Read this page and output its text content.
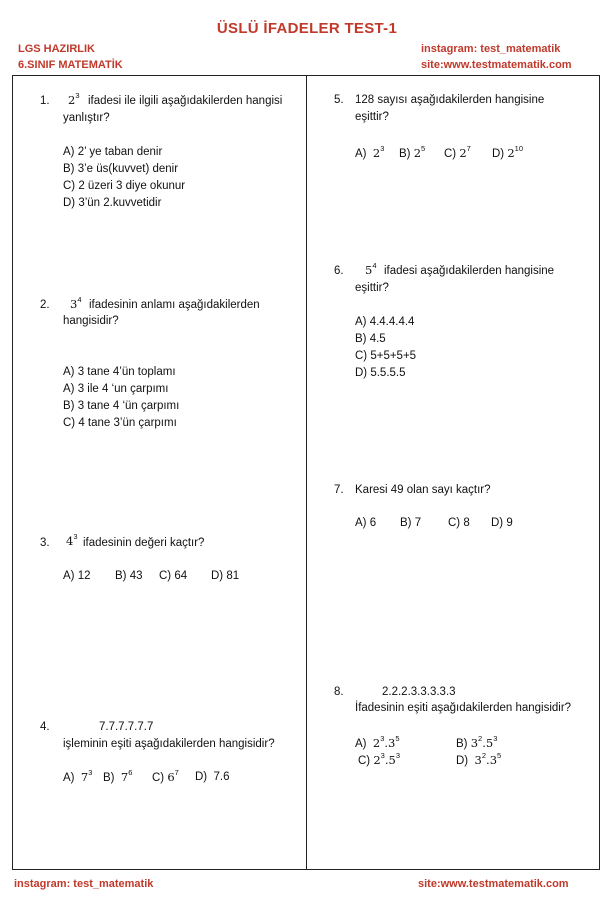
ÜSLÜ İFADELER TEST-1
LGS HAZIRLIK
6.SINIF MATEMATİK
instagram: test_matematik
site:www.testmatematik.com
1. $2^3$ ifadesi ile ilgili aşağıdakilerden hangisi
yanlıştır?
A) 2’ ye taban denir
B) 3’e üs(kuvvet) denir
C) 2 üzeri 3 diye okunur
D) 3’ün 2.kuvvetidir
2. $3^4$ ifadesinin anlamı aşağıdakilerden
hangisidir?
A) 3 tane 4’ün toplamı
A) 3 ile 4 ‘un çarpımı
B) 3 tane 4 ‘ün çarpımı
C) 4 tane 3’ün çarpımı
3. $4^3$
ifadesinin değeri kaçtır?
A) 12 B) 43 C) 64 D) 81
4.	7.7.7.7.7.7
işleminin eşiti aşağıdakilerden hangisidir?
A) $7^3$ B) $7^6$ C) $6^7$ D) 7.6
5. 128 sayısı aşağıdakilerden hangisine
eşittir?
A) $2^3$ B) $2^5$ C) $2^7$ D) $2^{10}$
6. $5^4$ ifadesi aşağıdakilerden hangisine
eşittir?
A) 4.4.4.4.4
B) 4.5
C) 5+5+5+5
D) 5.5.5.5
7. Karesi 49 olan sayı kaçtır?
A) 6 B) 7 C) 8 D) 9
8.	2.2.2.3.3.3.3.3
İfadesinin eşiti aşağıdakilerden hangisidir?
A) $2^3.3^5$	B) $3^2.5^3$
C) $2^3.5^3$	D) $3^2.3^5$
instagram: test_matematik	site:www.testmatematik.com
